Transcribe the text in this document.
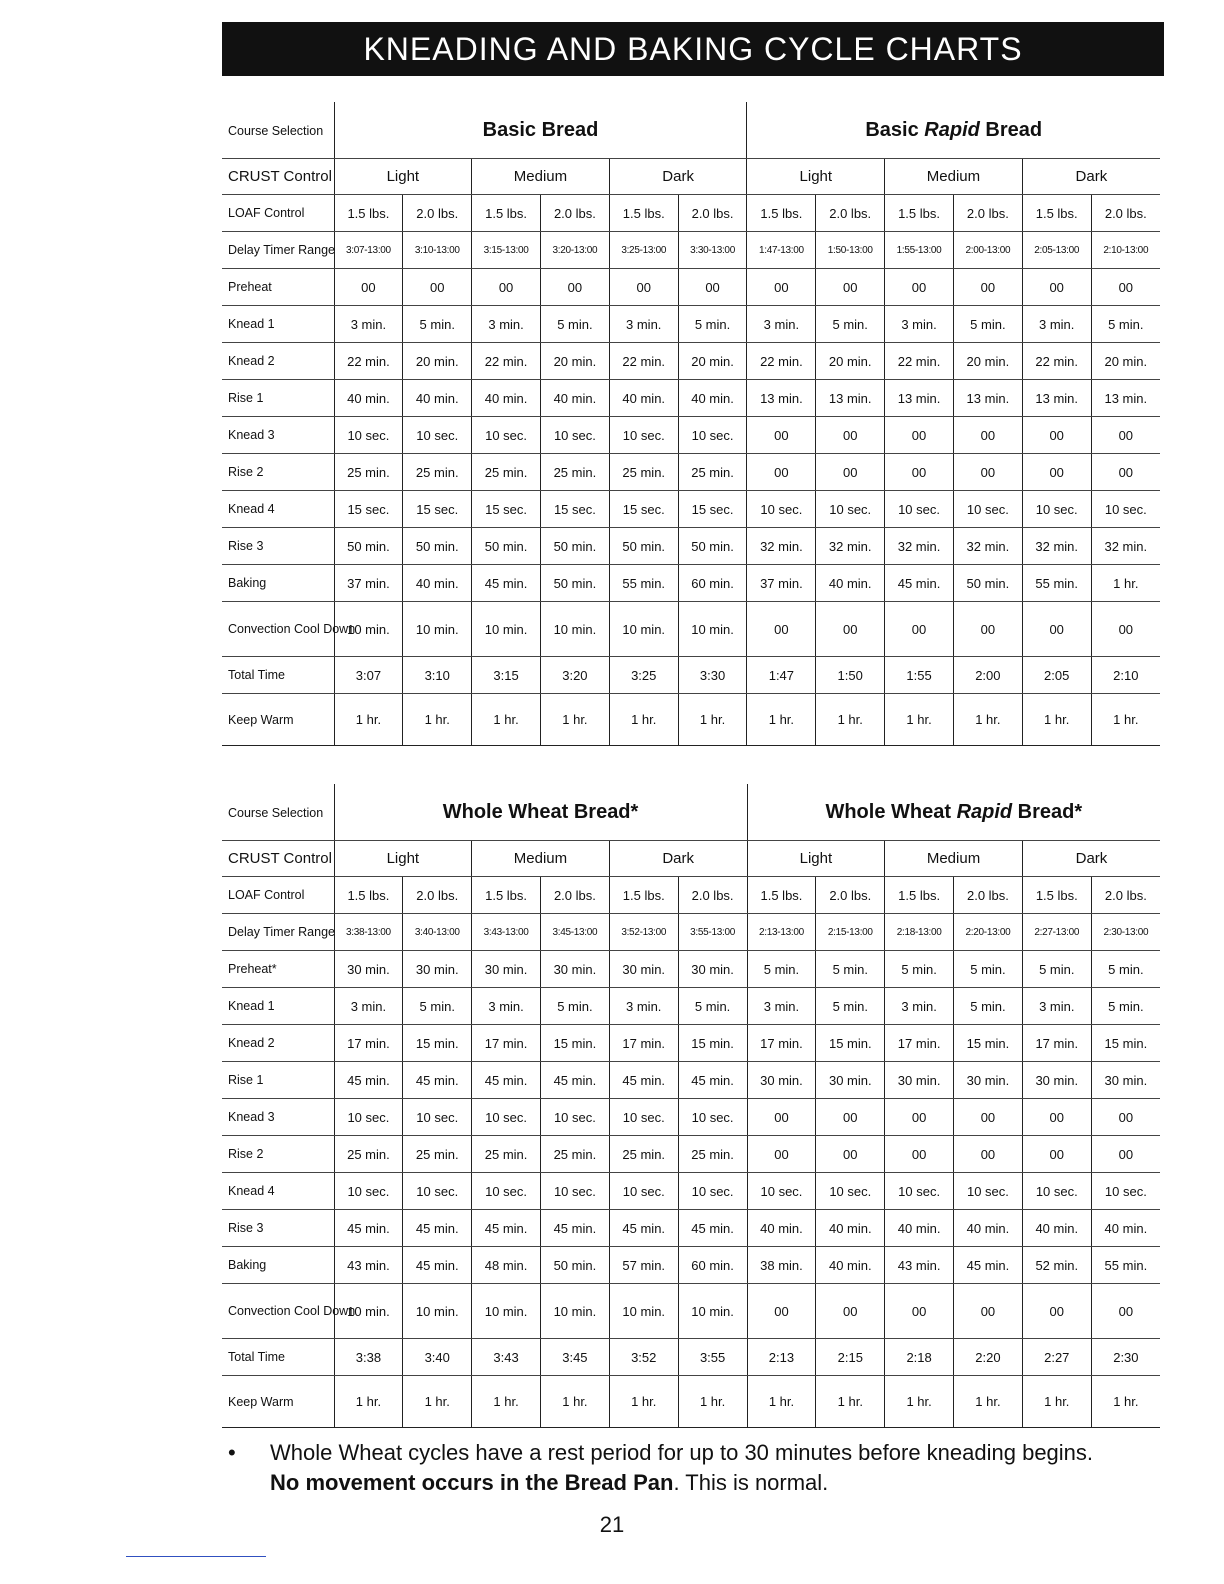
KNEADING AND BAKING CYCLE CHARTS
Course Selection	Basic Bread						Basic Rapid Bread					
CRUST Control	Light		Medium		Dark		Light		Medium		Dark	
LOAF Control	1.5 lbs.	2.0 lbs.	1.5 lbs.	2.0 lbs.	1.5 lbs.	2.0 lbs.	1.5 lbs.	2.0 lbs.	1.5 lbs.	2.0 lbs.	1.5 lbs.	2.0 lbs.
Delay Timer Range	3:07-13:00	3:10-13:00	3:15-13:00	3:20-13:00	3:25-13:00	3:30-13:00	1:47-13:00	1:50-13:00	1:55-13:00	2:00-13:00	2:05-13:00	2:10-13:00
Preheat	00	00	00	00	00	00	00	00	00	00	00	00
Knead 1	3 min.	5 min.	3 min.	5 min.	3 min.	5 min.	3 min.	5 min.	3 min.	5 min.	3 min.	5 min.
Knead 2	22 min.	20 min.	22 min.	20 min.	22 min.	20 min.	22 min.	20 min.	22 min.	20 min.	22 min.	20 min.
Rise 1	40 min.	40 min.	40 min.	40 min.	40 min.	40 min.	13 min.	13 min.	13 min.	13 min.	13 min.	13 min.
Knead 3	10 sec.	10 sec.	10 sec.	10 sec.	10 sec.	10 sec.	00	00	00	00	00	00
Rise 2	25 min.	25 min.	25 min.	25 min.	25 min.	25 min.	00	00	00	00	00	00
Knead 4	15 sec.	15 sec.	15 sec.	15 sec.	15 sec.	15 sec.	10 sec.	10 sec.	10 sec.	10 sec.	10 sec.	10 sec.
Rise 3	50 min.	50 min.	50 min.	50 min.	50 min.	50 min.	32 min.	32 min.	32 min.	32 min.	32 min.	32 min.
Baking	37 min.	40 min.	45 min.	50 min.	55 min.	60 min.	37 min.	40 min.	45 min.	50 min.	55 min.	1 hr.
Convection Cool Down	10 min.	10 min.	10 min.	10 min.	10 min.	10 min.	00	00	00	00	00	00
Total Time	3:07	3:10	3:15	3:20	3:25	3:30	1:47	1:50	1:55	2:00	2:05	2:10
Keep Warm	1 hr.	1 hr.	1 hr.	1 hr.	1 hr.	1 hr.	1 hr.	1 hr.	1 hr.	1 hr.	1 hr.	1 hr.
Course Selection	Whole Wheat Bread*						Whole Wheat Rapid Bread*					
CRUST Control	Light		Medium		Dark		Light		Medium		Dark	
LOAF Control	1.5 lbs.	2.0 lbs.	1.5 lbs.	2.0 lbs.	1.5 lbs.	2.0 lbs.	1.5 lbs.	2.0 lbs.	1.5 lbs.	2.0 lbs.	1.5 lbs.	2.0 lbs.
Delay Timer Range	3:38-13:00	3:40-13:00	3:43-13:00	3:45-13:00	3:52-13:00	3:55-13:00	2:13-13:00	2:15-13:00	2:18-13:00	2:20-13:00	2:27-13:00	2:30-13:00
Preheat*	30 min.	30 min.	30 min.	30 min.	30 min.	30 min.	5 min.	5 min.	5 min.	5 min.	5 min.	5 min.
Knead 1	3 min.	5 min.	3 min.	5 min.	3 min.	5 min.	3 min.	5 min.	3 min.	5 min.	3 min.	5 min.
Knead 2	17 min.	15 min.	17 min.	15 min.	17 min.	15 min.	17 min.	15 min.	17 min.	15 min.	17 min.	15 min.
Rise 1	45 min.	45 min.	45 min.	45 min.	45 min.	45 min.	30 min.	30 min.	30 min.	30 min.	30 min.	30 min.
Knead 3	10 sec.	10 sec.	10 sec.	10 sec.	10 sec.	10 sec.	00	00	00	00	00	00
Rise 2	25 min.	25 min.	25 min.	25 min.	25 min.	25 min.	00	00	00	00	00	00
Knead 4	10 sec.	10 sec.	10 sec.	10 sec.	10 sec.	10 sec.	10 sec.	10 sec.	10 sec.	10 sec.	10 sec.	10 sec.
Rise 3	45 min.	45 min.	45 min.	45 min.	45 min.	45 min.	40 min.	40 min.	40 min.	40 min.	40 min.	40 min.
Baking	43 min.	45 min.	48 min.	50 min.	57 min.	60 min.	38 min.	40 min.	43 min.	45 min.	52 min.	55 min.
Convection Cool Down	10 min.	10 min.	10 min.	10 min.	10 min.	10 min.	00	00	00	00	00	00
Total Time	3:38	3:40	3:43	3:45	3:52	3:55	2:13	2:15	2:18	2:20	2:27	2:30
Keep Warm	1 hr.	1 hr.	1 hr.	1 hr.	1 hr.	1 hr.	1 hr.	1 hr.	1 hr.	1 hr.	1 hr.	1 hr.
• Whole Wheat cycles have a rest period for up to 30 minutes before kneading begins.
No movement occurs in the Bread Pan. This is normal.
21
